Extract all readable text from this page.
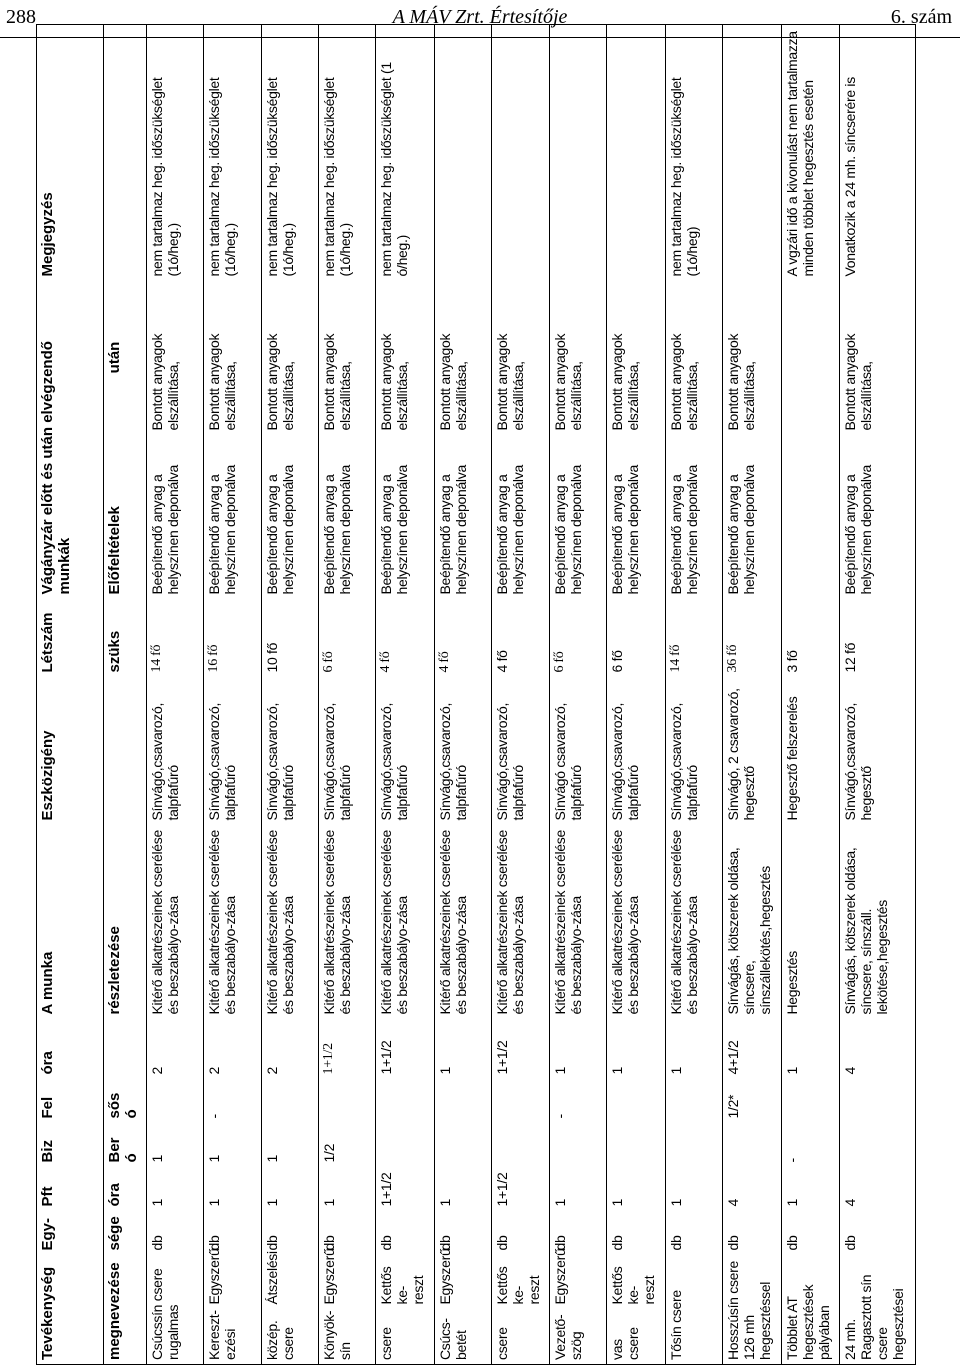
288	A MÁV Zrt. Értesítője	6. szám
Tevékenység		Egy-	Pft	Biz	Fel	óra	A munka	Eszközigény	Létszám	Vágányzár előtt és után elvégzendő
munkák		Megjegyzés
megnevezése		sége	óra	Ber ó	sős ó		részletezése		szüks	Előfeltételek	után	
Csúcssín csere rugalmas		db	1	1		2	Kitérő alkatrészeinek cserélése és beszabályo-zása	Sínvágó,csavarozó, talpfafúró	14 fő	Beépítendő anyag a helyszínen deponálva	Bontott anyagok elszállítása,	nem tartalmaz heg. időszükséglet (1ó/heg.)
Kereszt-ezési	Egyszerű	db	1	1	-	2	Kitérő alkatrészeinek cserélése és beszabályo-zása	Sínvágó,csavarozó, talpfafúró	16 fő	Beépítendő anyag a helyszínen deponálva	Bontott anyagok elszállítása,	nem tartalmaz heg. időszükséglet (1ó/heg.)
közép. csere	Átszelési	db	1	1		2	Kitérő alkatrészeinek cserélése és beszabályo-zása	Sínvágó,csavarozó, talpfafúró	10 fő	Beépítendő anyag a helyszínen deponálva	Bontott anyagok elszállítása,	nem tartalmaz heg. időszükséglet (1ó/heg.)
Könyök-sín	Egyszerű	db	1	1/2		1+1/2	Kitérő alkatrészeinek cserélése és beszabályo-zása	Sínvágó,csavarozó, talpfafúró	6 fő	Beépítendő anyag a helyszínen deponálva	Bontott anyagok elszállítása,	nem tartalmaz heg. időszükséglet (1ó/heg.)
csere	Kettős ke-reszt	db	1+1/2			1+1/2	Kitérő alkatrészeinek cserélése és beszabályo-zása	Sínvágó,csavarozó, talpfafúró	4 fő	Beépítendő anyag a helyszínen deponálva	Bontott anyagok elszállítása,	nem tartalmaz heg. időszükséglet (1 ó/heg.)
Csúcs-betét	Egyszerű	db	1			1	Kitérő alkatrészeinek cserélése és beszabályo-zása	Sínvágó,csavarozó, talpfafúró	4 fő	Beépítendő anyag a helyszínen deponálva	Bontott anyagok elszállítása,	
csere	Kettős ke-reszt	db	1+1/2			1+1/2	Kitérő alkatrészeinek cserélése és beszabályo-zása	Sínvágó,csavarozó, talpfafúró	4 fő	Beépítendő anyag a helyszínen deponálva	Bontott anyagok elszállítása,	
Vezető-szög	Egyszerű	db	1		-	1	Kitérő alkatrészeinek cserélése és beszabályo-zása	Sínvágó csavarozó, talpfafúró	6 fő	Beépítendő anyag a helyszínen deponálva	Bontott anyagok elszállítása,	
vas csere	Kettős ke-reszt	db	1			1	Kitérő alkatrészeinek cserélése és beszabályo-zása	Sínvágó,csavarozó, talpfafúró	6 fő	Beépítendő anyag a helyszínen deponálva	Bontott anyagok elszállítása,	
Tősín csere		db	1			1	Kitérő alkatrészeinek cserélése és beszabályo-zása	Sínvágó,csavarozó, talpfafúró	14 fő	Beépítendő anyag a helyszínen deponálva	Bontott anyagok elszállítása,	nem tartalmaz heg. időszükséglet (1ó/heg)
Hosszúsín csere 126 mh hegesztéssel		db	4		1/2*	4+1/2	Sínvágás, kötszerek oldása, síncsere, sínszállekötés,hegesztés	Sínvágó, 2 csavarozó, hegesztő	36 fő	Beépítendő anyag a helyszínen deponálva	Bontott anyagok elszállítása,	
Többlet AT hegesztések pályában		db	1	-		1	Hegesztés	Hegesztő felszerelés	3 fő			A vgzári idő a kivonulást nem tartalmazza minden többlet hegesztés esetén
24 mh. Ragasztott sín csere hegesztései		db	4			4	Sínvágás, kötszerek oldása, síncsere, sínszáll. lekötése,hegesztés	Sínvágó,csavarozó, hegesztő	12 fő	Beépítendő anyag a helyszínen deponálva	Bontott anyagok elszállítása,	Vonatkozik a 24 mh. síncserére is
